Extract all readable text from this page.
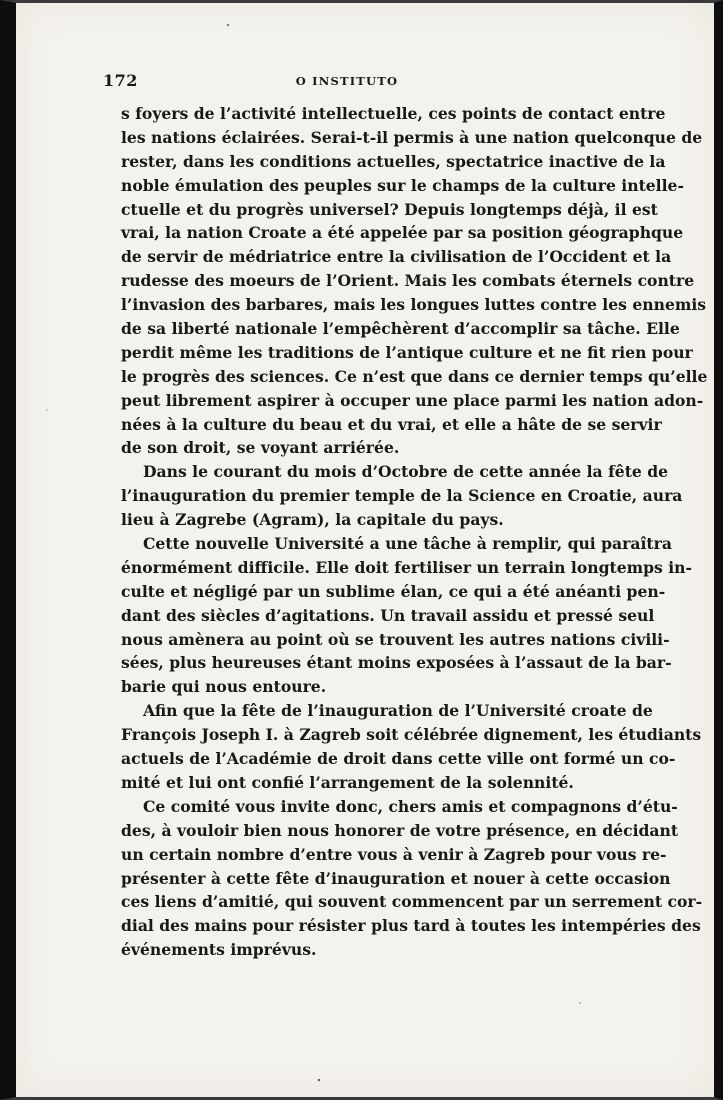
172	O INSTITUTO
s foyers de l’activité intellectuelle, ces points de contact entre
les nations éclairées. Serai-t-il permis à une nation quelconque de
rester, dans les conditions actuelles, spectatrice inactive de la
noble émulation des peuples sur le champs de la culture intelle-
ctuelle et du progrès universel? Depuis longtemps déjà, il est
vrai, la nation Croate a été appelée par sa position géographque
de servir de médriatrice entre la civilisation de l’Occident et la
rudesse des moeurs de l’Orient. Mais les combats éternels contre
l’invasion des barbares, mais les longues luttes contre les ennemis
de sa liberté nationale l’empêchèrent d’accomplir sa tâche. Elle
perdit même les traditions de l’antique culture et ne fit rien pour
le progrès des sciences. Ce n’est que dans ce dernier temps qu’elle
peut librement aspirer à occuper une place parmi les nation adon-
nées à la culture du beau et du vrai, et elle a hâte de se servir
de son droit, se voyant arriérée.
Dans le courant du mois d’Octobre de cette année la fête de
l’inauguration du premier temple de la Science en Croatie, aura
lieu à Zagrebe (Agram), la capitale du pays.
Cette nouvelle Université a une tâche à remplir, qui paraîtra
énormément difficile. Elle doit fertiliser un terrain longtemps in-
culte et négligé par un sublime élan, ce qui a été anéanti pen-
dant des siècles d’agitations. Un travail assidu et pressé seul
nous amènera au point où se trouvent les autres nations civili-
sées, plus heureuses étant moins exposées à l’assaut de la bar-
barie qui nous entoure.
Afin que la fête de l’inauguration de l’Université croate de
François Joseph I. à Zagreb soit célébrée dignement, les étudiants
actuels de l’Académie de droit dans cette ville ont formé un co-
mité et lui ont confié l’arrangement de la solennité.
Ce comité vous invite donc, chers amis et compagnons d’étu-
des, à vouloir bien nous honorer de votre présence, en décidant
un certain nombre d’entre vous à venir à Zagreb pour vous re-
présenter à cette fête d’inauguration et nouer à cette occasion
ces liens d’amitié, qui souvent commencent par un serrement cor-
dial des mains pour résister plus tard à toutes les intempéries des
événements imprévus.
